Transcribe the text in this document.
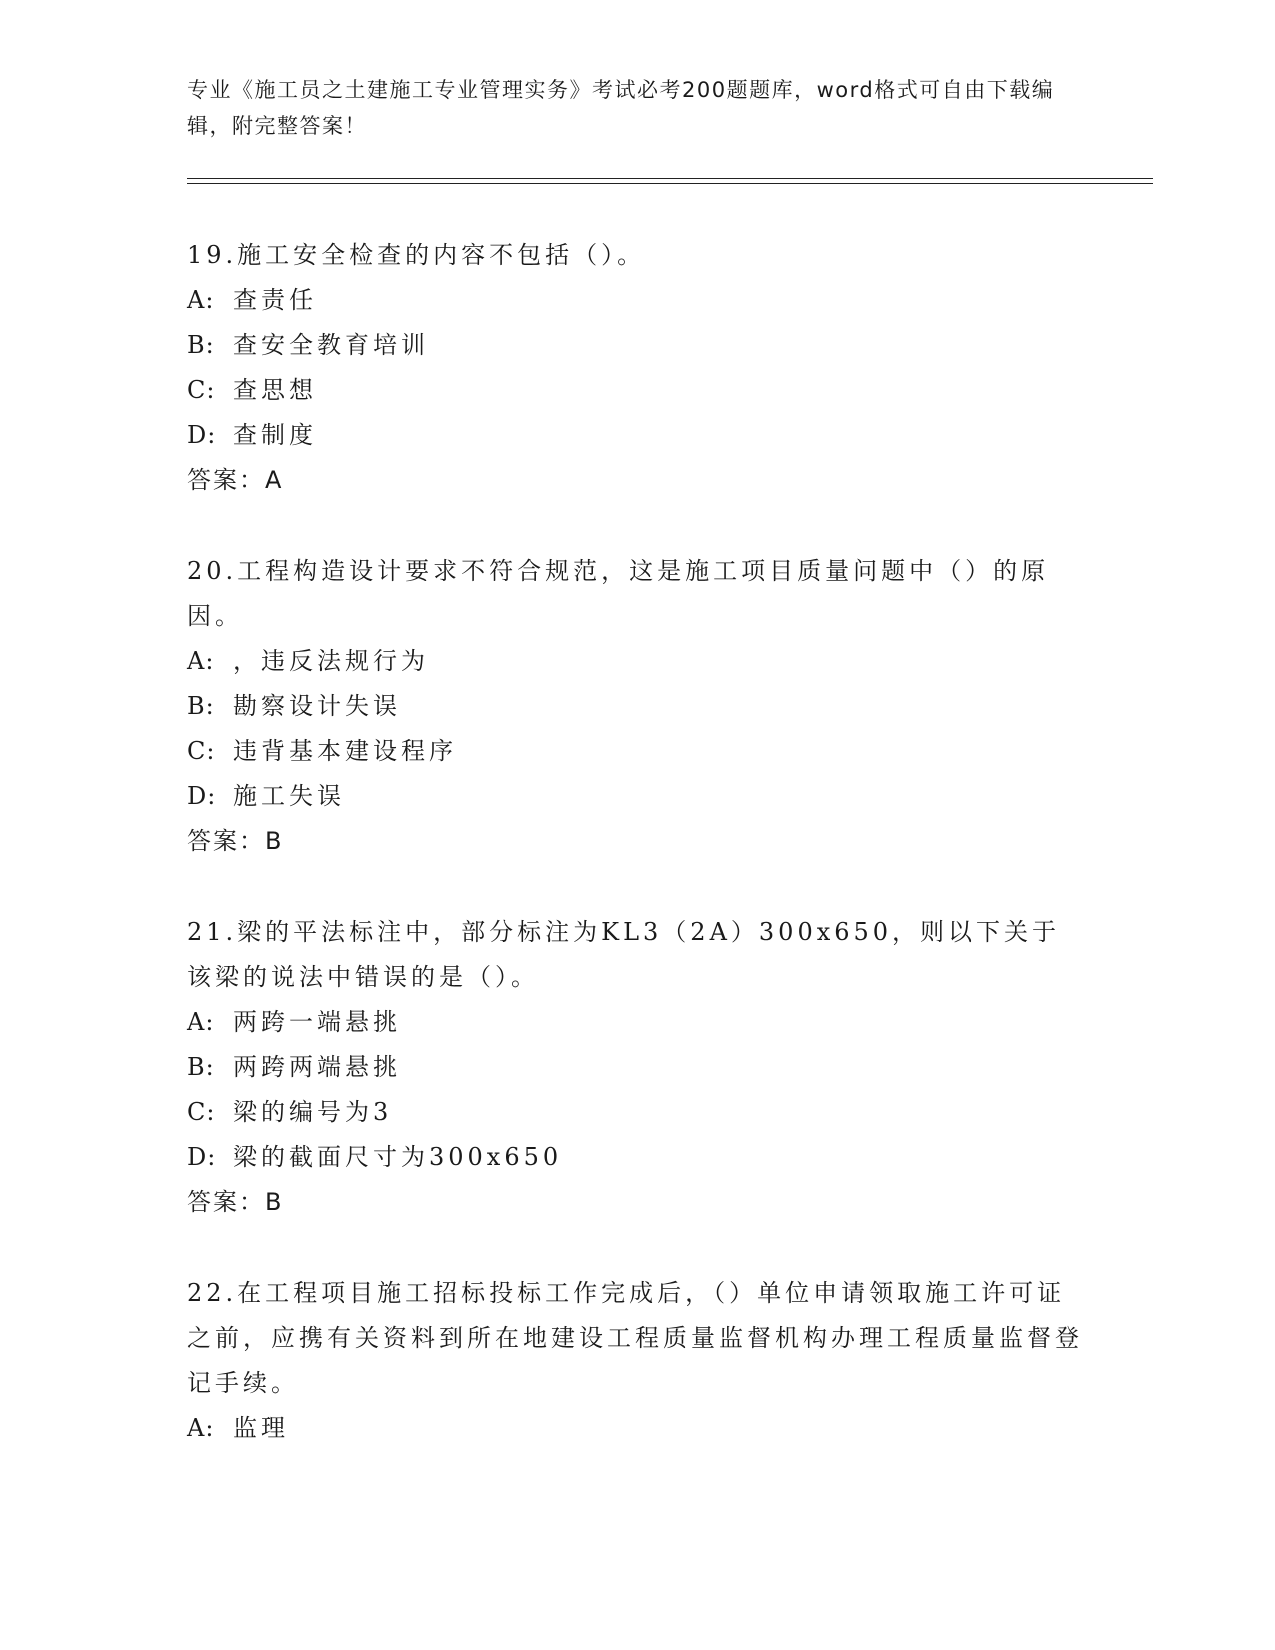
专业《施工员之土建施工专业管理实务》考试必考200题题库，word格式可自由下载编辑，附完整答案！

19.施工安全检查的内容不包括（）。

A: 查责任

B: 查安全教育培训

C: 查思想

D: 查制度

答案：A

20.工程构造设计要求不符合规范，这是施工项目质量问题中（）的原因。

A: ，违反法规行为

B: 勘察设计失误

C: 违背基本建设程序

D: 施工失误

答案：B

21.梁的平法标注中，部分标注为KL3（2A）300x650，则以下关于该梁的说法中错误的是（）。

A: 两跨一端悬挑

B: 两跨两端悬挑

C: 梁的编号为3

D: 梁的截面尺寸为300x650

答案：B

22.在工程项目施工招标投标工作完成后，（）单位申请领取施工许可证之前，应携有关资料到所在地建设工程质量监督机构办理工程质量监督登记手续。

A: 监理
